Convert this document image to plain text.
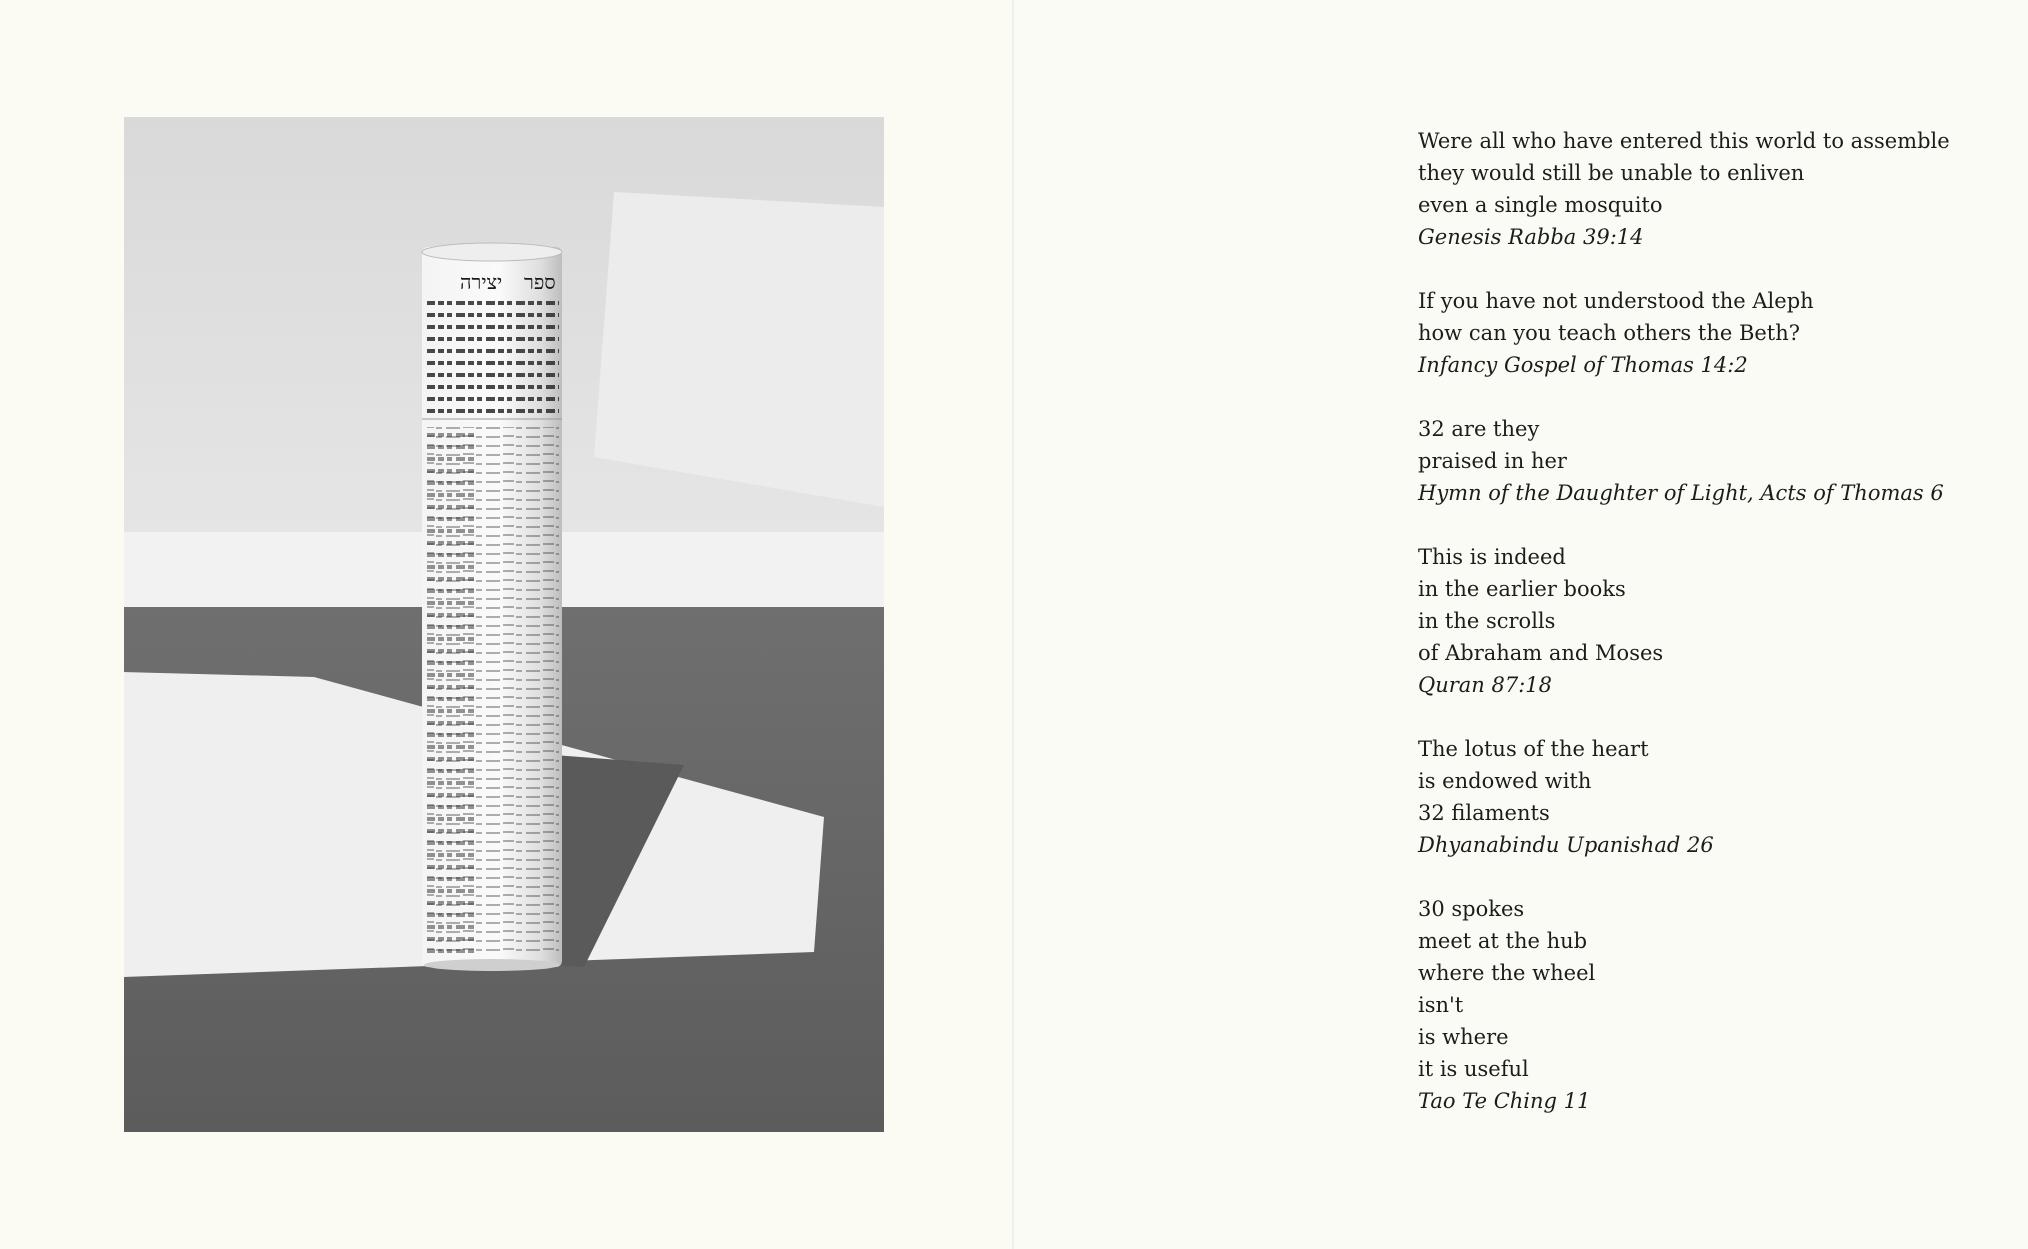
ספר
יצירה
Were all who have entered this world to assemble
they would still be unable to enliven
even a single mosquito
Genesis Rabba 39:14
If you have not understood the Aleph
how can you teach others the Beth?
Infancy Gospel of Thomas 14:2
32 are they
praised in her
Hymn of the Daughter of Light, Acts of Thomas 6
This is indeed
in the earlier books
in the scrolls
of Abraham and Moses
Quran 87:18
The lotus of the heart
is endowed with
32 filaments
Dhyanabindu Upanishad 26
30 spokes
meet at the hub
where the wheel
isn't
is where
it is useful
Tao Te Ching 11
